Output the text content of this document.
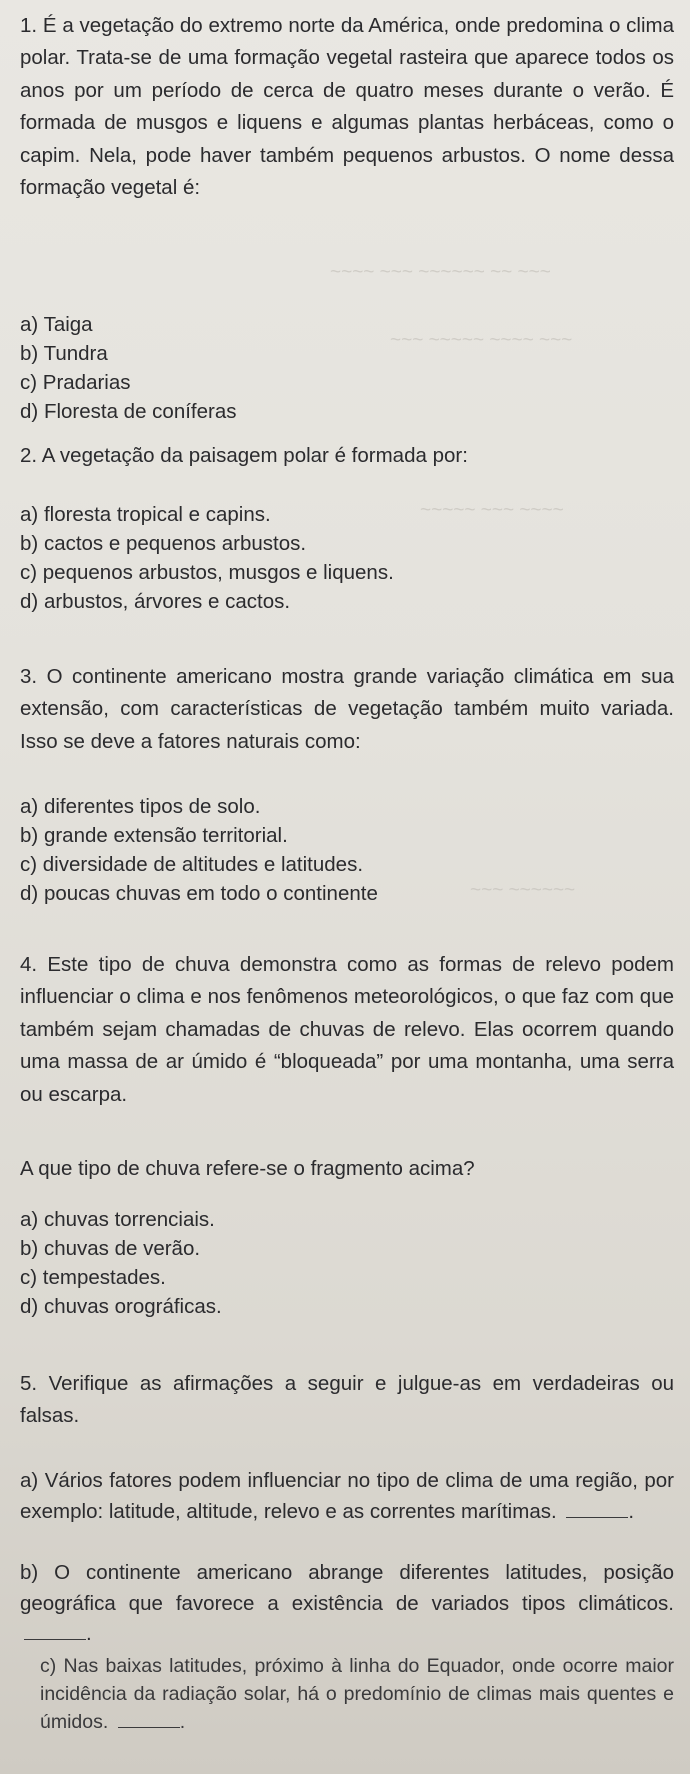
~~~~ ~~~ ~~~~~~ ~~ ~~~
~~~ ~~~~~ ~~~~ ~~~
~~~~~ ~~~ ~~~~
~~~ ~~~~~~

1. É a vegetação do extremo norte da América, onde predomina o clima polar. Trata-se de uma formação vegetal rasteira que aparece todos os anos por um período de cerca de quatro meses durante o verão. É formada de musgos e liquens e algumas plantas herbáceas, como o capim. Nela, pode haver também pequenos arbustos. O nome dessa formação vegetal é:

a) Taiga

b) Tundra

c) Pradarias

d) Floresta de coníferas

2. A vegetação da paisagem polar é formada por:

a) floresta tropical e capins.

b) cactos e pequenos arbustos.

c) pequenos arbustos, musgos e liquens.

d) arbustos, árvores e cactos.

3. O continente americano mostra grande variação climática em sua extensão, com características de vegetação também muito variada. Isso se deve a fatores naturais como:

a) diferentes tipos de solo.

b) grande extensão territorial.

c) diversidade de altitudes e latitudes.

d) poucas chuvas em todo o continente

4. Este tipo de chuva demonstra como as formas de relevo podem influenciar o clima e nos fenômenos meteorológicos, o que faz com que também sejam chamadas de chuvas de relevo. Elas ocorrem quando uma massa de ar úmido é “bloqueada” por uma montanha, uma serra ou escarpa.

A que tipo de chuva refere-se o fragmento acima?

a) chuvas torrenciais.

b) chuvas de verão.

c) tempestades.

d) chuvas orográficas.

5. Verifique as afirmações a seguir e julgue-as em verdadeiras ou falsas.

a) Vários fatores podem influenciar no tipo de clima de uma região, por exemplo: latitude, altitude, relevo e as correntes marítimas.	.

b) O continente americano abrange diferentes latitudes, posição geográfica que favorece a existência de variados tipos climáticos. .

c) Nas baixas latitudes, próximo à linha do Equador, onde ocorre maior incidência da radiação solar, há o predomínio de climas mais quentes e úmidos.	.
